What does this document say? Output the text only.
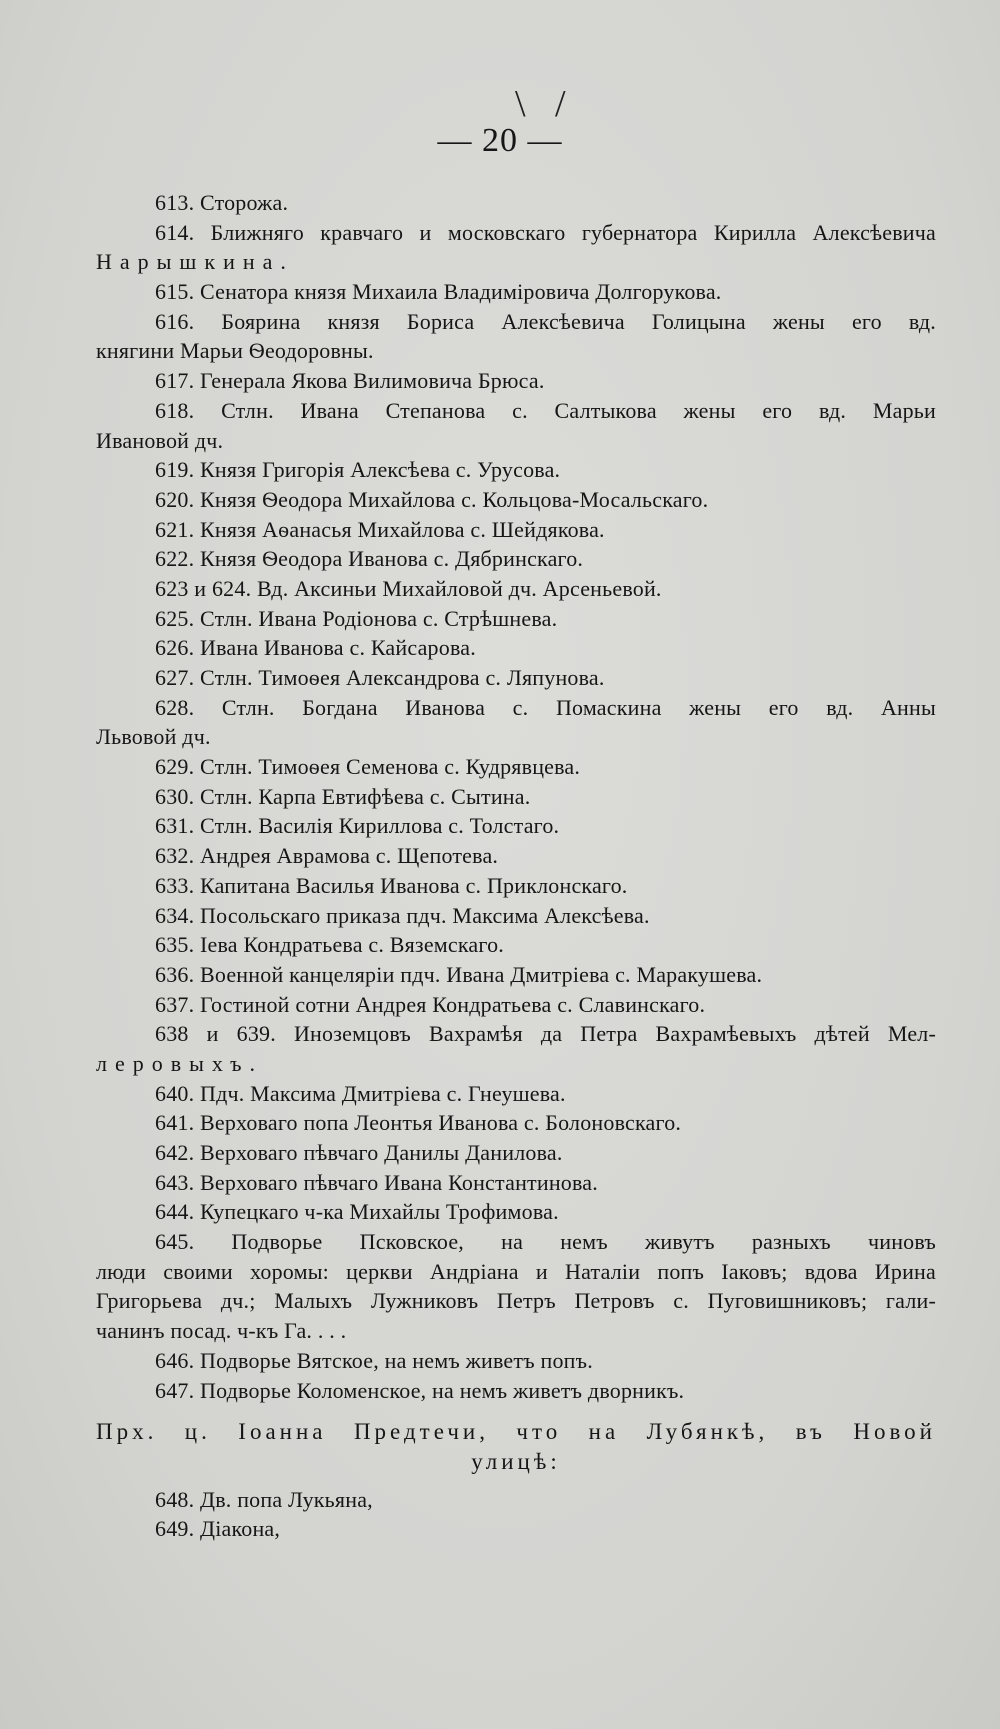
\ /
— 20 —
613. Сторожа.
614. Ближняго кравчаго и московскаго губернатора Кирилла Алексѣевича
Нарышкина.
615. Сенатора князя Михаила Владиміровича Долгорукова.
616. Боярина князя Бориса Алексѣевича Голицына жены его вд.
княгини Марьи Ѳеодоровны.
617. Генерала Якова Вилимовича Брюса.
618. Стлн. Ивана Степанова с. Салтыкова жены его вд. Марьи
Ивановой дч.
619. Князя Григорія Алексѣева с. Урусова.
620. Князя Ѳеодора Михайлова с. Кольцова-Мосальскаго.
621. Князя Аѳанасья Михайлова с. Шейдякова.
622. Князя Ѳеодора Иванова с. Дябринскаго.
623 и 624. Вд. Аксиньи Михайловой дч. Арсеньевой.
625. Стлн. Ивана Родіонова с. Стрѣшнева.
626. Ивана Иванова с. Кайсарова.
627. Стлн. Тимоѳея Александрова с. Ляпунова.
628. Стлн. Богдана Иванова с. Помаскина жены его вд. Анны
Львовой дч.
629. Стлн. Тимоѳея Семенова с. Кудрявцева.
630. Стлн. Карпа Евтифѣева с. Сытина.
631. Стлн. Василія Кириллова с. Толстаго.
632. Андрея Аврамова с. Щепотева.
633. Капитана Василья Иванова с. Приклонскаго.
634. Посольскаго приказа пдч. Максима Алексѣева.
635. Іева Кондратьева с. Вяземскаго.
636. Военной канцеляріи пдч. Ивана Дмитріева с. Маракушева.
637. Гостиной сотни Андрея Кондратьева с. Славинскаго.
638 и 639. Иноземцовъ Вахрамѣя да Петра Вахрамѣевыхъ дѣтей Мел-
леровыхъ.
640. Пдч. Максима Дмитріева с. Гнеушева.
641. Верховаго попа Леонтья Иванова с. Болоновскаго.
642. Верховаго пѣвчаго Данилы Данилова.
643. Верховаго пѣвчаго Ивана Константинова.
644. Купецкаго ч-ка Михайлы Трофимова.
645. Подворье Псковское, на немъ живутъ разныхъ чиновъ
люди своими хоромы: церкви Андріана и Наталіи попъ Іаковъ; вдова Ирина
Григорьева дч.; Малыхъ Лужниковъ Петръ Петровъ с. Пуговишниковъ; гали-
чанинъ посад. ч-къ Га. . . .
646. Подворье Вятское, на немъ живетъ попъ.
647. Подворье Коломенское, на немъ живетъ дворникъ.
Прх. ц. Іоанна Предтечи, что на Лубянкѣ, въ Новой
улицѣ:
648. Дв. попа Лукьяна,
649. Діакона,
